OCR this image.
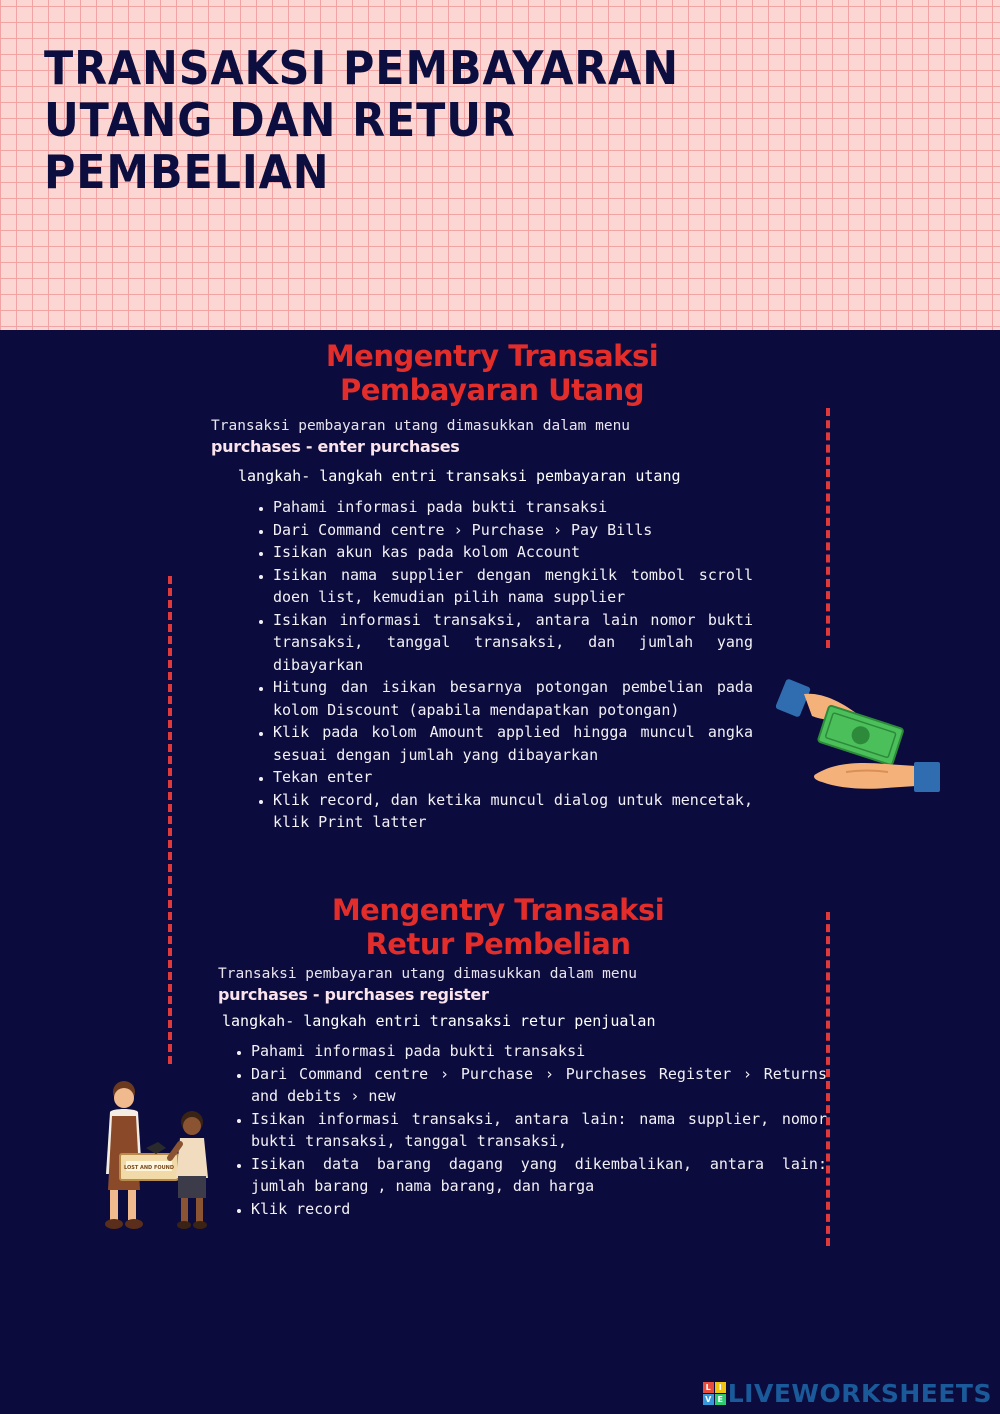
TRANSAKSI PEMBAYARAN UTANG DAN RETUR PEMBELIAN
Mengentry Transaksi Pembayaran Utang

Transaksi pembayaran utang dimasukkan dalam menu

purchases - enter purchases

langkah- langkah entri transaksi pembayaran utang

• Pahami informasi pada bukti transaksi
• Dari Command centre › Purchase › Pay Bills
• Isikan akun kas pada kolom Account
• Isikan nama supplier dengan mengkilk tombol scroll doen list, kemudian pilih nama supplier
• Isikan informasi transaksi, antara lain nomor bukti transaksi, tanggal transaksi, dan jumlah yang dibayarkan
• Hitung dan isikan besarnya potongan pembelian pada kolom Discount (apabila mendapatkan potongan)
• Klik pada kolom Amount applied hingga muncul angka sesuai dengan jumlah yang dibayarkan
• Tekan enter
• Klik record, dan ketika muncul dialog untuk mencetak, klik Print latter
Mengentry Transaksi Retur Pembelian

Transaksi pembayaran utang dimasukkan dalam menu

purchases - purchases register

langkah- langkah entri transaksi retur penjualan

• Pahami informasi pada bukti transaksi
• Dari Command centre › Purchase › Purchases Register › Returns and debits › new
• Isikan informasi transaksi, antara lain: nama supplier, nomor bukti transaksi, tanggal transaksi,
• Isikan data barang dagang yang dikembalikan, antara lain: jumlah barang , nama barang, dan harga
• Klik record
LOST AND FOUND
L I
V E LIVEWORKSHEETS
